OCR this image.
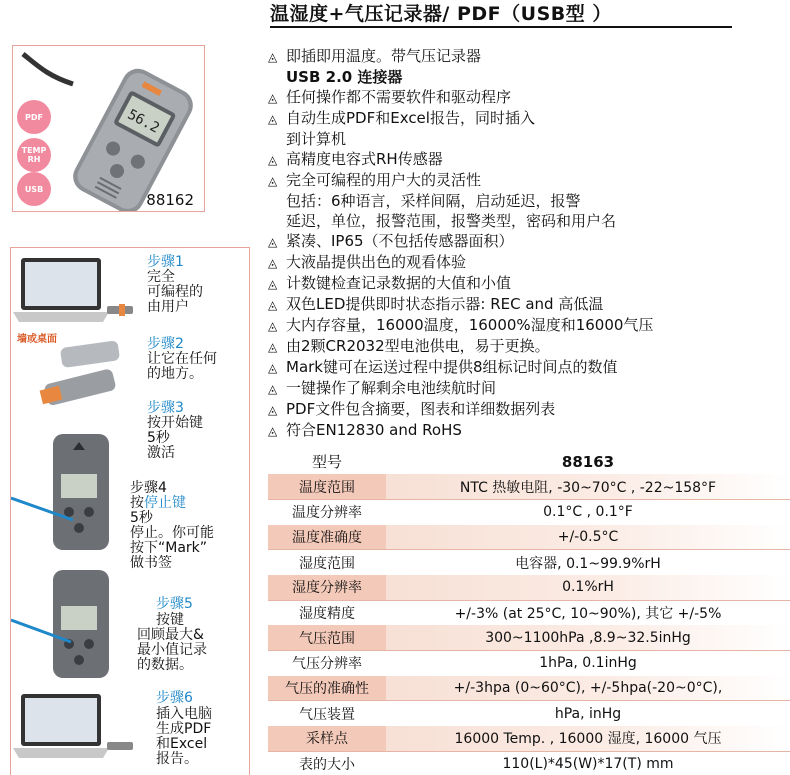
温湿度+气压记录器/ PDF（USB型 ）
56.2
PDF
TEMP RH
USB
88162
墙或桌面
步骤1
完全
可编程的
由用户
步骤2
让它在任何
的地方。
步骤3
按开始键
5秒
激活
步骤4
按停止键
5秒
停止。你可能
按下“Mark”
做书签
步骤5
按键
回顾最大&
最小值记录
的数据。
步骤6
插入电脑
生成PDF
和Excel
报告。
◬ 即插即用温度。带气压记录器
USB 2.0 连接器
◬ 任何操作都不需要软件和驱动程序
◬ 自动生成PDF和Excel报告，同时插入
到计算机
◬ 高精度电容式RH传感器
◬ 完全可编程的用户大的灵活性
包括：6种语言，采样间隔，启动延迟，报警
延迟，单位，报警范围，报警类型，密码和用户名
◬ 紧凑、IP65（不包括传感器面积）
◬ 大液晶提供出色的观看体验
◬ 计数键检查记录数据的大值和小值
◬ 双色LED提供即时状态指示器: REC and 高低温
◬ 大内存容量，16000温度，16000%湿度和16000气压
◬ 由2颗CR2032型电池供电，易于更换。
◬ Mark键可在运送过程中提供8组标记时间点的数值
◬ 一键操作了解剩余电池续航时间
◬ PDF文件包含摘要，图表和详细数据列表
◬ 符合EN12830 and RoHS
型号	88163
温度范围	NTC 热敏电阻, -30~70°C , -22~158°F
温度分辨率	0.1°C , 0.1°F
温度准确度	+/-0.5°C
湿度范围	电容器, 0.1~99.9%rH
湿度分辨率	0.1%rH
湿度精度	+/-3% (at 25°C, 10~90%), 其它 +/-5%
气压范围	300~1100hPa ,8.9~32.5inHg
气压分辨率	1hPa, 0.1inHg
气压的准确性	+/-3hpa (0~60°C), +/-5hpa(-20~0°C),
气压装置	hPa, inHg
采样点	16000 Temp. , 16000 湿度, 16000 气压
表的大小	110(L)*45(W)*17(T) mm
